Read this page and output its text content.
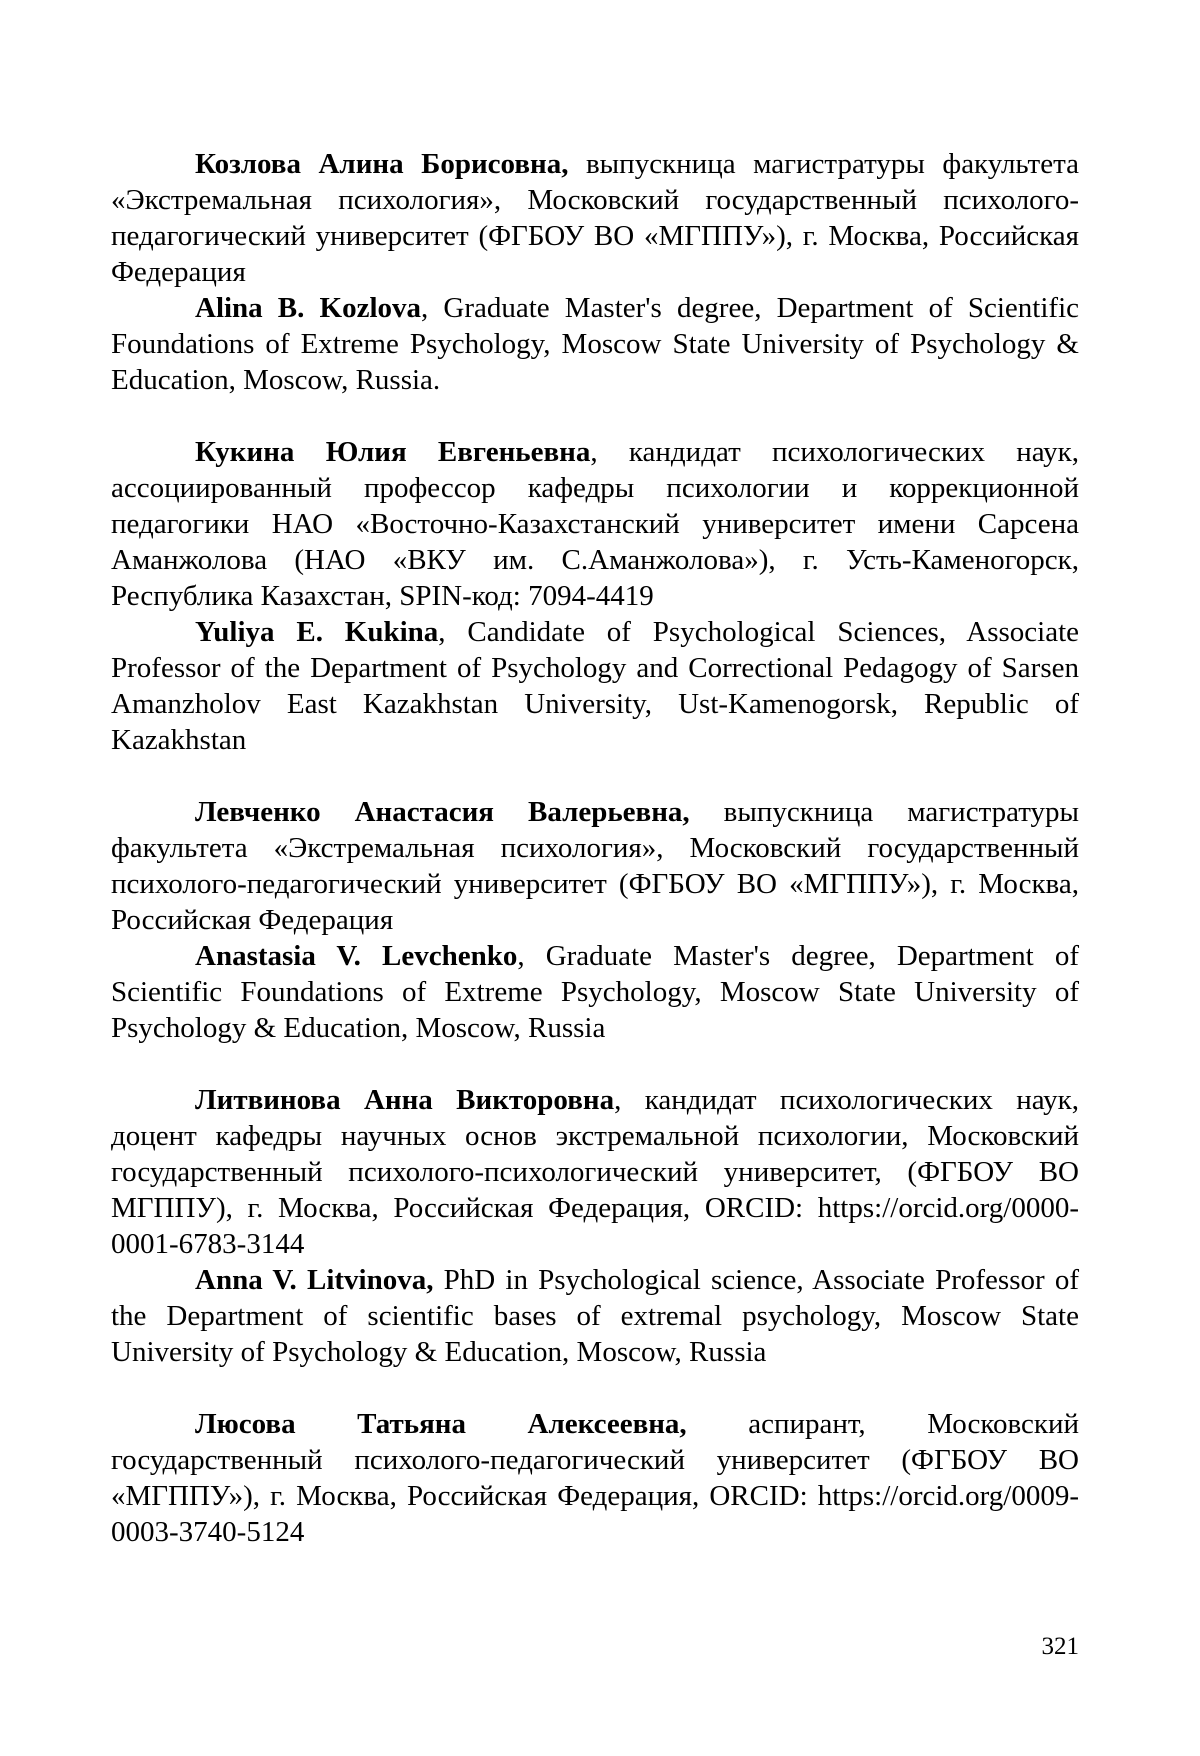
Козлова Алина Борисовна, выпускница магистратуры факультета «Экстремальная психология», Московский государственный психолого-педагогический университет (ФГБОУ ВО «МГППУ»), г. Москва, Российская Федерация

Alina B. Kozlova, Graduate Master's degree, Department of Scientific Foundations of Extreme Psychology, Moscow State University of Psychology & Education, Moscow, Russia.

Кукина Юлия Евгеньевна, кандидат психологических наук, ассоциированный профессор кафедры психологии и коррекционной педагогики НАО «Восточно-Казахстанский университет имени Сарсена Аманжолова (НАО «ВКУ им. С.Аманжолова»), г. Усть-Каменогорск, Республика Казахстан, SPIN-код: 7094-4419

Yuliya E. Kukina, Candidate of Psychological Sciences, Associate Professor of the Department of Psychology and Correctional Pedagogy of Sarsen Amanzholov East Kazakhstan University, Ust-Kamenogorsk, Republic of Kazakhstan

Левченко Анастасия Валерьевна, выпускница магистратуры факультета «Экстремальная психология», Московский государственный психолого-педагогический университет (ФГБОУ ВО «МГППУ»), г. Москва, Российская Федерация

Anastasia V. Levchenko, Graduate Master's degree, Department of Scientific Foundations of Extreme Psychology, Moscow State University of Psychology & Education, Moscow, Russia

Литвинова Анна Викторовна, кандидат психологических наук, доцент кафедры научных основ экстремальной психологии, Московский государственный психолого-психологический университет, (ФГБОУ ВО МГППУ), г. Москва, Российская Федерация, ORCID: https://orcid.org/0000-0001-6783-3144

Anna V. Litvinova, PhD in Psychological science, Associate Professor of the Department of scientific bases of extremal psychology, Moscow State University of Psychology & Education, Moscow, Russia

Люсова Татьяна Алексеевна, аспирант, Московский государственный психолого-педагогический университет (ФГБОУ ВО «МГППУ»), г. Москва, Российская Федерация, ORCID: https://orcid.org/0009-0003-3740-5124

321
